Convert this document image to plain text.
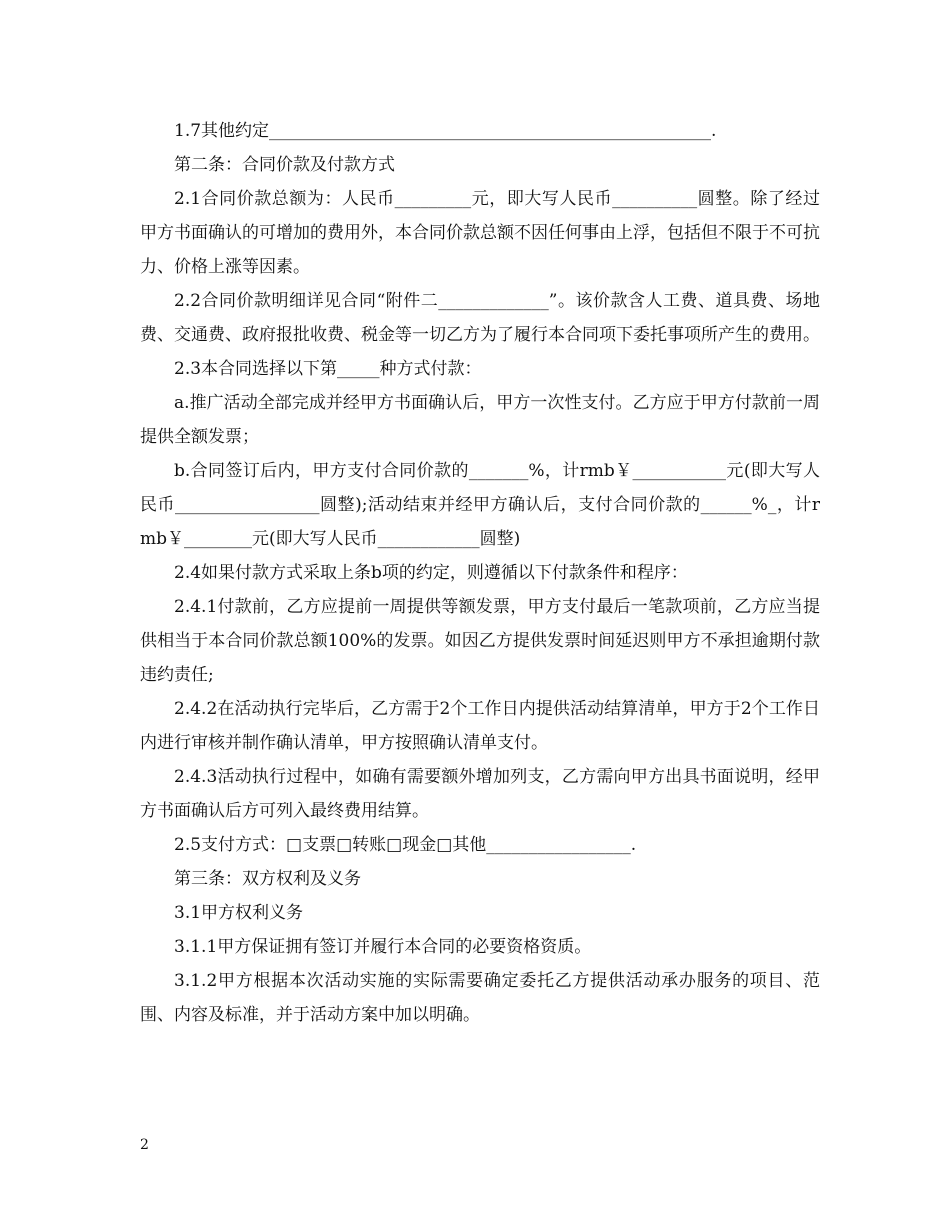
1.7其他约定____________________________________________________.

第二条：合同价款及付款方式

2.1合同价款总额为：人民币_________元，即大写人民币__________圆整。除了经过甲方书面确认的可增加的费用外，本合同价款总额不因任何事由上浮，包括但不限于不可抗力、价格上涨等因素。

2.2合同价款明细详见合同“附件二_____________”。该价款含人工费、道具费、场地费、交通费、政府报批收费、税金等一切乙方为了履行本合同项下委托事项所产生的费用。

2.3本合同选择以下第_____种方式付款：

a.推广活动全部完成并经甲方书面确认后，甲方一次性支付。乙方应于甲方付款前一周提供全额发票；

b.合同签订后内，甲方支付合同价款的_______%，计rmb￥___________元(即大写人民币_________________圆整);活动结束并经甲方确认后，支付合同价款的______%_，计rmb￥________元(即大写人民币____________圆整)

2.4如果付款方式采取上条b项的约定，则遵循以下付款条件和程序：

2.4.1付款前，乙方应提前一周提供等额发票，甲方支付最后一笔款项前，乙方应当提供相当于本合同价款总额100%的发票。如因乙方提供发票时间延迟则甲方不承担逾期付款违约责任;

2.4.2在活动执行完毕后，乙方需于2个工作日内提供活动结算清单，甲方于2个工作日内进行审核并制作确认清单，甲方按照确认清单支付。

2.4.3活动执行过程中，如确有需要额外增加列支，乙方需向甲方出具书面说明，经甲方书面确认后方可列入最终费用结算。

2.5支付方式：□支票□转账□现金□其他_________________.

第三条：双方权利及义务

3.1甲方权利义务

3.1.1甲方保证拥有签订并履行本合同的必要资格资质。

3.1.2甲方根据本次活动实施的实际需要确定委托乙方提供活动承办服务的项目、范围、内容及标准，并于活动方案中加以明确。

2
